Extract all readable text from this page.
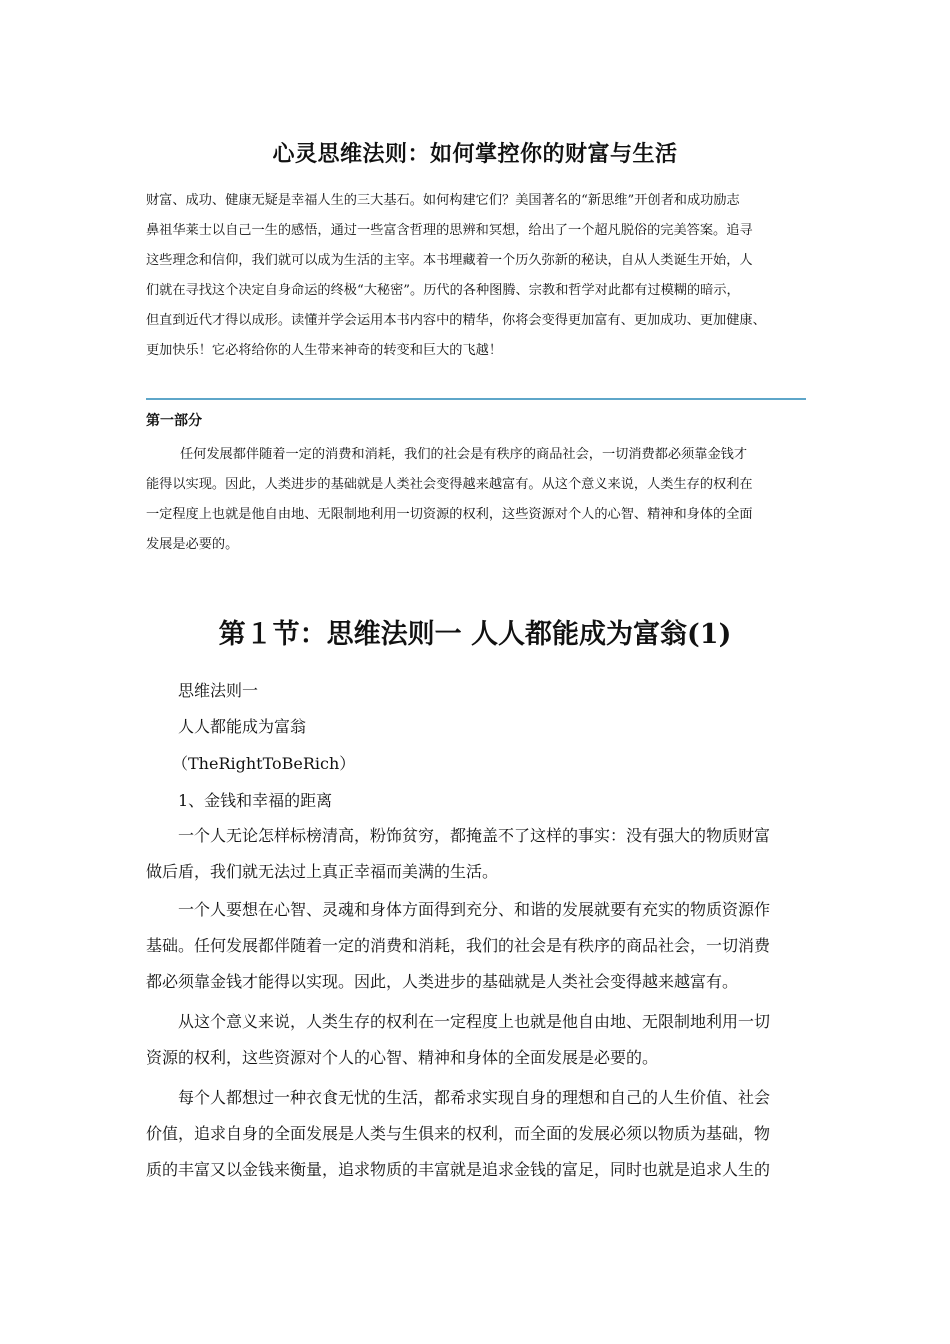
心灵思维法则：如何掌控你的财富与生活
财富、成功、健康无疑是幸福人生的三大基石。如何构建它们？美国著名的“新思维”开创者和成功励志
鼻祖华莱士以自己一生的感悟，通过一些富含哲理的思辨和冥想，给出了一个超凡脱俗的完美答案。追寻
这些理念和信仰，我们就可以成为生活的主宰。本书埋藏着一个历久弥新的秘诀，自从人类诞生开始，人
们就在寻找这个决定自身命运的终极“大秘密”。历代的各种图腾、宗教和哲学对此都有过模糊的暗示，
但直到近代才得以成形。读懂并学会运用本书内容中的精华，你将会变得更加富有、更加成功、更加健康、
更加快乐！它必将给你的人生带来神奇的转变和巨大的飞越！
第一部分
任何发展都伴随着一定的消费和消耗，我们的社会是有秩序的商品社会，一切消费都必须靠金钱才
能得以实现。因此，人类进步的基础就是人类社会变得越来越富有。从这个意义来说，人类生存的权利在
一定程度上也就是他自由地、无限制地利用一切资源的权利，这些资源对个人的心智、精神和身体的全面
发展是必要的。
第１节：思维法则一 人人都能成为富翁(1)
思维法则一
人人都能成为富翁
（TheRightToBeRich）
1、金钱和幸福的距离
　　一个人无论怎样标榜清高，粉饰贫穷，都掩盖不了这样的事实：没有强大的物质财富
做后盾，我们就无法过上真正幸福而美满的生活。
　　一个人要想在心智、灵魂和身体方面得到充分、和谐的发展就要有充实的物质资源作
基础。任何发展都伴随着一定的消费和消耗，我们的社会是有秩序的商品社会，一切消费
都必须靠金钱才能得以实现。因此，人类进步的基础就是人类社会变得越来越富有。
　　从这个意义来说，人类生存的权利在一定程度上也就是他自由地、无限制地利用一切
资源的权利，这些资源对个人的心智、精神和身体的全面发展是必要的。
　　每个人都想过一种衣食无忧的生活，都希求实现自身的理想和自己的人生价值、社会
价值，追求自身的全面发展是人类与生俱来的权利，而全面的发展必须以物质为基础，物
质的丰富又以金钱来衡量，追求物质的丰富就是追求金钱的富足，同时也就是追求人生的
